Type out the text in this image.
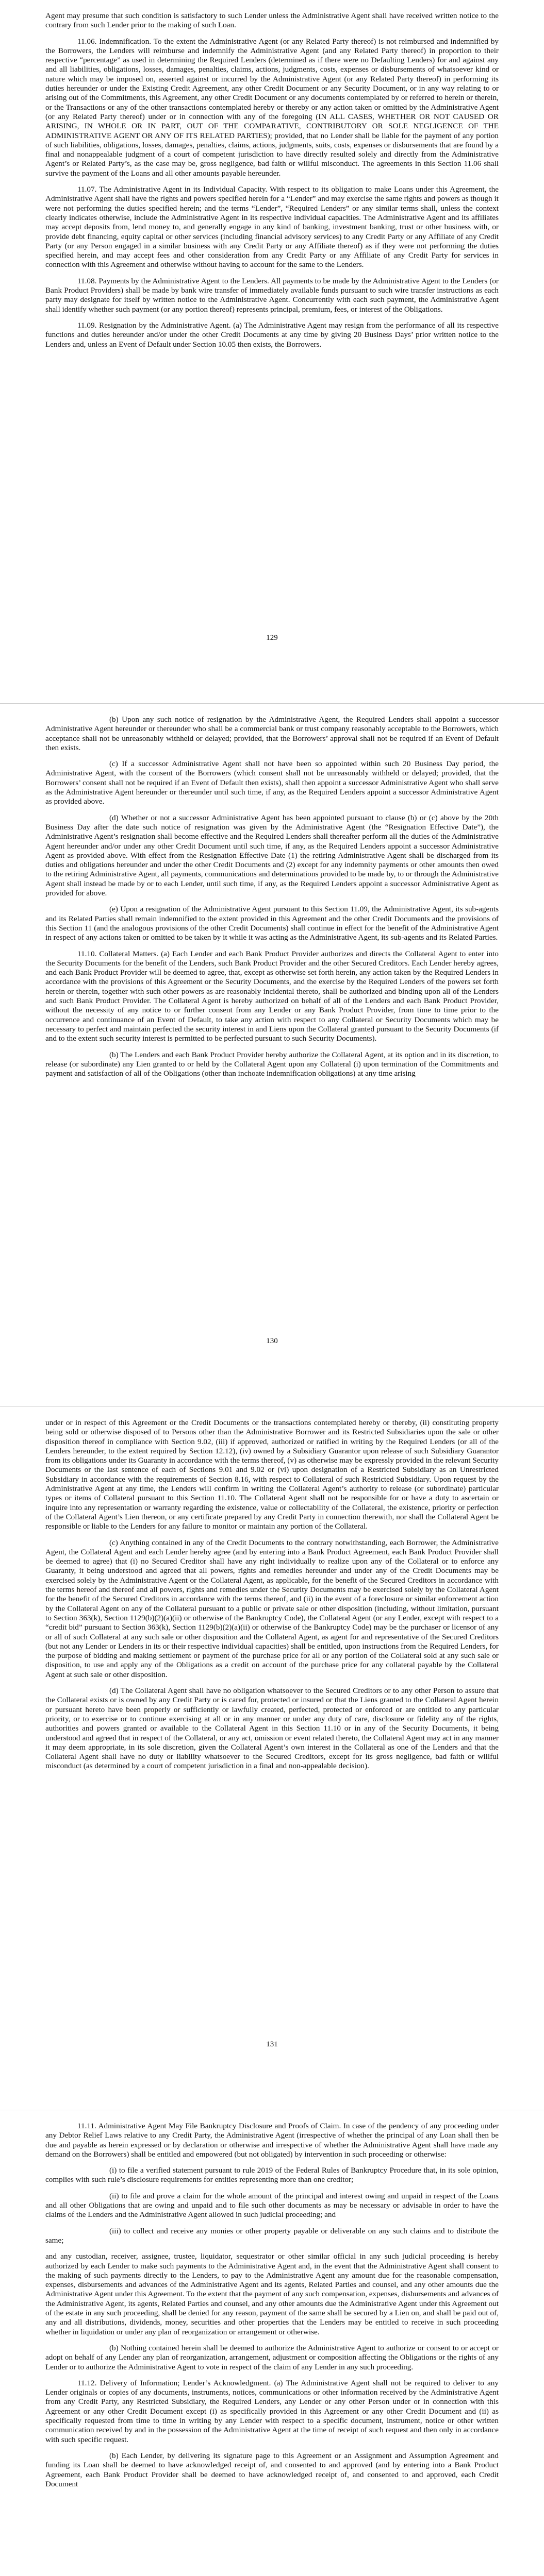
Agent may presume that such condition is satisfactory to such Lender unless the Administrative Agent shall have received written notice to the contrary from such Lender prior to the making of such Loan.

11.06. Indemnification. To the extent the Administrative Agent (or any Related Party thereof) is not reimbursed and indemnified by the Borrowers, the Lenders will reimburse and indemnify the Administrative Agent (and any Related Party thereof) in proportion to their respective “percentage” as used in determining the Required Lenders (determined as if there were no Defaulting Lenders) for and against any and all liabilities, obligations, losses, damages, penalties, claims, actions, judgments, costs, expenses or disbursements of whatsoever kind or nature which may be imposed on, asserted against or incurred by the Administrative Agent (or any Related Party thereof) in performing its duties hereunder or under the Existing Credit Agreement, any other Credit Document or any Security Document, or in any way relating to or arising out of the Commitments, this Agreement, any other Credit Document or any documents contemplated by or referred to herein or therein, or the Transactions or any of the other transactions contemplated hereby or thereby or any action taken or omitted by the Administrative Agent (or any Related Party thereof) under or in connection with any of the foregoing (IN ALL CASES, WHETHER OR NOT CAUSED OR ARISING, IN WHOLE OR IN PART, OUT OF THE COMPARATIVE, CONTRIBUTORY OR SOLE NEGLIGENCE OF THE ADMINISTRATIVE AGENT OR ANY OF ITS RELATED PARTIES); provided, that no Lender shall be liable for the payment of any portion of such liabilities, obligations, losses, damages, penalties, claims, actions, judgments, suits, costs, expenses or disbursements that are found by a final and nonappealable judgment of a court of competent jurisdiction to have directly resulted solely and directly from the Administrative Agent’s or Related Party’s, as the case may be, gross negligence, bad faith or willful misconduct. The agreements in this Section 11.06 shall survive the payment of the Loans and all other amounts payable hereunder.

11.07. The Administrative Agent in its Individual Capacity. With respect to its obligation to make Loans under this Agreement, the Administrative Agent shall have the rights and powers specified herein for a “Lender” and may exercise the same rights and powers as though it were not performing the duties specified herein; and the terms “Lender”, “Required Lenders” or any similar terms shall, unless the context clearly indicates otherwise, include the Administrative Agent in its respective individual capacities. The Administrative Agent and its affiliates may accept deposits from, lend money to, and generally engage in any kind of banking, investment banking, trust or other business with, or provide debt financing, equity capital or other services (including financial advisory services) to any Credit Party or any Affiliate of any Credit Party (or any Person engaged in a similar business with any Credit Party or any Affiliate thereof) as if they were not performing the duties specified herein, and may accept fees and other consideration from any Credit Party or any Affiliate of any Credit Party for services in connection with this Agreement and otherwise without having to account for the same to the Lenders.

11.08. Payments by the Administrative Agent to the Lenders. All payments to be made by the Administrative Agent to the Lenders (or Bank Product Providers) shall be made by bank wire transfer of immediately available funds pursuant to such wire transfer instructions as each party may designate for itself by written notice to the Administrative Agent. Concurrently with each such payment, the Administrative Agent shall identify whether such payment (or any portion thereof) represents principal, premium, fees, or interest of the Obligations.

11.09. Resignation by the Administrative Agent. (a) The Administrative Agent may resign from the performance of all its respective functions and duties hereunder and/or under the other Credit Documents at any time by giving 20 Business Days’ prior written notice to the Lenders and, unless an Event of Default under Section 10.05 then exists, the Borrowers.

129

(b) Upon any such notice of resignation by the Administrative Agent, the Required Lenders shall appoint a successor Administrative Agent hereunder or thereunder who shall be a commercial bank or trust company reasonably acceptable to the Borrowers, which acceptance shall not be unreasonably withheld or delayed; provided, that the Borrowers’ approval shall not be required if an Event of Default then exists.

(c) If a successor Administrative Agent shall not have been so appointed within such 20 Business Day period, the Administrative Agent, with the consent of the Borrowers (which consent shall not be unreasonably withheld or delayed; provided, that the Borrowers’ consent shall not be required if an Event of Default then exists), shall then appoint a successor Administrative Agent who shall serve as the Administrative Agent hereunder or thereunder until such time, if any, as the Required Lenders appoint a successor Administrative Agent as provided above.

(d) Whether or not a successor Administrative Agent has been appointed pursuant to clause (b) or (c) above by the 20th Business Day after the date such notice of resignation was given by the Administrative Agent (the “Resignation Effective Date”), the Administrative Agent’s resignation shall become effective and the Required Lenders shall thereafter perform all the duties of the Administrative Agent hereunder and/or under any other Credit Document until such time, if any, as the Required Lenders appoint a successor Administrative Agent as provided above. With effect from the Resignation Effective Date (1) the retiring Administrative Agent shall be discharged from its duties and obligations hereunder and under the other Credit Documents and (2) except for any indemnity payments or other amounts then owed to the retiring Administrative Agent, all payments, communications and determinations provided to be made by, to or through the Administrative Agent shall instead be made by or to each Lender, until such time, if any, as the Required Lenders appoint a successor Administrative Agent as provided for above.

(e) Upon a resignation of the Administrative Agent pursuant to this Section 11.09, the Administrative Agent, its sub-agents and its Related Parties shall remain indemnified to the extent provided in this Agreement and the other Credit Documents and the provisions of this Section 11 (and the analogous provisions of the other Credit Documents) shall continue in effect for the benefit of the Administrative Agent in respect of any actions taken or omitted to be taken by it while it was acting as the Administrative Agent, its sub-agents and its Related Parties.

11.10. Collateral Matters. (a) Each Lender and each Bank Product Provider authorizes and directs the Collateral Agent to enter into the Security Documents for the benefit of the Lenders, such Bank Product Provider and the other Secured Creditors. Each Lender hereby agrees, and each Bank Product Provider will be deemed to agree, that, except as otherwise set forth herein, any action taken by the Required Lenders in accordance with the provisions of this Agreement or the Security Documents, and the exercise by the Required Lenders of the powers set forth herein or therein, together with such other powers as are reasonably incidental thereto, shall be authorized and binding upon all of the Lenders and such Bank Product Provider. The Collateral Agent is hereby authorized on behalf of all of the Lenders and each Bank Product Provider, without the necessity of any notice to or further consent from any Lender or any Bank Product Provider, from time to time prior to the occurrence and continuance of an Event of Default, to take any action with respect to any Collateral or Security Documents which may be necessary to perfect and maintain perfected the security interest in and Liens upon the Collateral granted pursuant to the Security Documents (if and to the extent such security interest is permitted to be perfected pursuant to such Security Documents).

(b) The Lenders and each Bank Product Provider hereby authorize the Collateral Agent, at its option and in its discretion, to release (or subordinate) any Lien granted to or held by the Collateral Agent upon any Collateral (i) upon termination of the Commitments and payment and satisfaction of all of the Obligations (other than inchoate indemnification obligations) at any time arising

130

under or in respect of this Agreement or the Credit Documents or the transactions contemplated hereby or thereby, (ii) constituting property being sold or otherwise disposed of to Persons other than the Administrative Borrower and its Restricted Subsidiaries upon the sale or other disposition thereof in compliance with Section 9.02, (iii) if approved, authorized or ratified in writing by the Required Lenders (or all of the Lenders hereunder, to the extent required by Section 12.12), (iv) owned by a Subsidiary Guarantor upon release of such Subsidiary Guarantor from its obligations under its Guaranty in accordance with the terms thereof, (v) as otherwise may be expressly provided in the relevant Security Documents or the last sentence of each of Sections 9.01 and 9.02 or (vi) upon designation of a Restricted Subsidiary as an Unrestricted Subsidiary in accordance with the requirements of Section 8.16, with respect to Collateral of such Restricted Subsidiary. Upon request by the Administrative Agent at any time, the Lenders will confirm in writing the Collateral Agent’s authority to release (or subordinate) particular types or items of Collateral pursuant to this Section 11.10. The Collateral Agent shall not be responsible for or have a duty to ascertain or inquire into any representation or warranty regarding the existence, value or collectability of the Collateral, the existence, priority or perfection of the Collateral Agent’s Lien thereon, or any certificate prepared by any Credit Party in connection therewith, nor shall the Collateral Agent be responsible or liable to the Lenders for any failure to monitor or maintain any portion of the Collateral.

(c) Anything contained in any of the Credit Documents to the contrary notwithstanding, each Borrower, the Administrative Agent, the Collateral Agent and each Lender hereby agree (and by entering into a Bank Product Agreement, each Bank Product Provider shall be deemed to agree) that (i) no Secured Creditor shall have any right individually to realize upon any of the Collateral or to enforce any Guaranty, it being understood and agreed that all powers, rights and remedies hereunder and under any of the Credit Documents may be exercised solely by the Administrative Agent or the Collateral Agent, as applicable, for the benefit of the Secured Creditors in accordance with the terms hereof and thereof and all powers, rights and remedies under the Security Documents may be exercised solely by the Collateral Agent for the benefit of the Secured Creditors in accordance with the terms thereof, and (ii) in the event of a foreclosure or similar enforcement action by the Collateral Agent on any of the Collateral pursuant to a public or private sale or other disposition (including, without limitation, pursuant to Section 363(k), Section 1129(b)(2)(a)(ii) or otherwise of the Bankruptcy Code), the Collateral Agent (or any Lender, except with respect to a “credit bid” pursuant to Section 363(k), Section 1129(b)(2)(a)(ii) or otherwise of the Bankruptcy Code) may be the purchaser or licensor of any or all of such Collateral at any such sale or other disposition and the Collateral Agent, as agent for and representative of the Secured Creditors (but not any Lender or Lenders in its or their respective individual capacities) shall be entitled, upon instructions from the Required Lenders, for the purpose of bidding and making settlement or payment of the purchase price for all or any portion of the Collateral sold at any such sale or disposition, to use and apply any of the Obligations as a credit on account of the purchase price for any collateral payable by the Collateral Agent at such sale or other disposition.

(d) The Collateral Agent shall have no obligation whatsoever to the Secured Creditors or to any other Person to assure that the Collateral exists or is owned by any Credit Party or is cared for, protected or insured or that the Liens granted to the Collateral Agent herein or pursuant hereto have been properly or sufficiently or lawfully created, perfected, protected or enforced or are entitled to any particular priority, or to exercise or to continue exercising at all or in any manner or under any duty of care, disclosure or fidelity any of the rights, authorities and powers granted or available to the Collateral Agent in this Section 11.10 or in any of the Security Documents, it being understood and agreed that in respect of the Collateral, or any act, omission or event related thereto, the Collateral Agent may act in any manner it may deem appropriate, in its sole discretion, given the Collateral Agent’s own interest in the Collateral as one of the Lenders and that the Collateral Agent shall have no duty or liability whatsoever to the Secured Creditors, except for its gross negligence, bad faith or willful misconduct (as determined by a court of competent jurisdiction in a final and non-appealable decision).

131

11.11. Administrative Agent May File Bankruptcy Disclosure and Proofs of Claim. In case of the pendency of any proceeding under any Debtor Relief Laws relative to any Credit Party, the Administrative Agent (irrespective of whether the principal of any Loan shall then be due and payable as herein expressed or by declaration or otherwise and irrespective of whether the Administrative Agent shall have made any demand on the Borrowers) shall be entitled and empowered (but not obligated) by intervention in such proceeding or otherwise:

(i) to file a verified statement pursuant to rule 2019 of the Federal Rules of Bankruptcy Procedure that, in its sole opinion, complies with such rule’s disclosure requirements for entities representing more than one creditor;

(ii) to file and prove a claim for the whole amount of the principal and interest owing and unpaid in respect of the Loans and all other Obligations that are owing and unpaid and to file such other documents as may be necessary or advisable in order to have the claims of the Lenders and the Administrative Agent allowed in such judicial proceeding; and

(iii) to collect and receive any monies or other property payable or deliverable on any such claims and to distribute the same;

and any custodian, receiver, assignee, trustee, liquidator, sequestrator or other similar official in any such judicial proceeding is hereby authorized by each Lender to make such payments to the Administrative Agent and, in the event that the Administrative Agent shall consent to the making of such payments directly to the Lenders, to pay to the Administrative Agent any amount due for the reasonable compensation, expenses, disbursements and advances of the Administrative Agent and its agents, Related Parties and counsel, and any other amounts due the Administrative Agent under this Agreement. To the extent that the payment of any such compensation, expenses, disbursements and advances of the Administrative Agent, its agents, Related Parties and counsel, and any other amounts due the Administrative Agent under this Agreement out of the estate in any such proceeding, shall be denied for any reason, payment of the same shall be secured by a Lien on, and shall be paid out of, any and all distributions, dividends, money, securities and other properties that the Lenders may be entitled to receive in such proceeding whether in liquidation or under any plan of reorganization or arrangement or otherwise.

(b) Nothing contained herein shall be deemed to authorize the Administrative Agent to authorize or consent to or accept or adopt on behalf of any Lender any plan of reorganization, arrangement, adjustment or composition affecting the Obligations or the rights of any Lender or to authorize the Administrative Agent to vote in respect of the claim of any Lender in any such proceeding.

11.12. Delivery of Information; Lender’s Acknowledgment. (a) The Administrative Agent shall not be required to deliver to any Lender originals or copies of any documents, instruments, notices, communications or other information received by the Administrative Agent from any Credit Party, any Restricted Subsidiary, the Required Lenders, any Lender or any other Person under or in connection with this Agreement or any other Credit Document except (i) as specifically provided in this Agreement or any other Credit Document and (ii) as specifically requested from time to time in writing by any Lender with respect to a specific document, instrument, notice or other written communication received by and in the possession of the Administrative Agent at the time of receipt of such request and then only in accordance with such specific request.

(b) Each Lender, by delivering its signature page to this Agreement or an Assignment and Assumption Agreement and funding its Loan shall be deemed to have acknowledged receipt of, and consented to and approved (and by entering into a Bank Product Agreement, each Bank Product Provider shall be deemed to have acknowledged receipt of, and consented to and approved, each Credit Document
